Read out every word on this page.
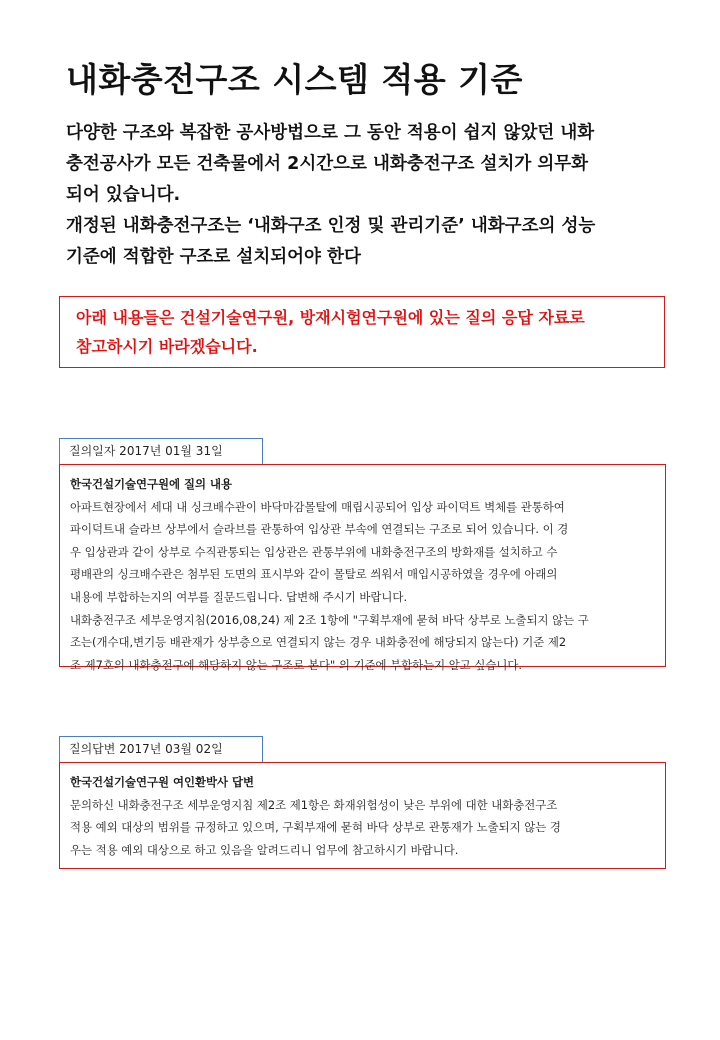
내화충전구조 시스템 적용 기준
다양한 구조와 복잡한 공사방법으로 그 동안 적용이 쉽지 않았던 내화
충전공사가 모든 건축물에서 2시간으로 내화충전구조 설치가 의무화
되어 있습니다.
개정된 내화충전구조는 ‘내화구조 인정 및 관리기준’ 내화구조의 성능
기준에 적합한 구조로 설치되어야 한다
아래 내용들은 건설기술연구원, 방재시험연구원에 있는 질의 응답 자료로
참고하시기 바라겠습니다.
질의일자 2017년 01월 31일
한국건설기술연구원에 질의 내용
아파트현장에서 세대 내 싱크배수관이 바닥마감몰탈에 매립시공되어 입상 파이덕트 벽체를 관통하여
파이덕트내 슬라브 상부에서 슬라브를 관통하여 입상관 부속에 연결되는 구조로 되어 있습니다. 이 경
우 입상관과 같이 상부로 수직관통되는 입상관은 관통부위에 내화충전구조의 방화재를 설치하고 수
평배관의 싱크배수관은 첨부된 도면의 표시부와 같이 몰탈로 씌워서 매입시공하였을 경우에 아래의
내용에 부합하는지의 여부를 질문드립니다. 답변해 주시기 바랍니다.
내화충전구조 세부운영지침(2016,08,24) 제 2조 1항에 "구획부재에 묻혀 바닥 상부로 노출되지 않는 구
조는(개수대,변기등 배관재가 상부층으로 연결되지 않는 경우 내화충전에 해당되지 않는다) 기준 제2
조 제7호의 내화충전구에 해당하지 않는 구조로 본다" 의 기준에 부합하는지 알고 싶습니다.
질의답변 2017년 03월 02일
한국건설기술연구원 여인환박사 답변
문의하신 내화충전구조 세부운영지침 제2조 제1항은 화재위험성이 낮은 부위에 대한 내화충전구조
적용 예외 대상의 범위를 규정하고 있으며, 구획부재에 묻혀 바닥 상부로 관통재가 노출되지 않는 경
우는 적용 예외 대상으로 하고 있음을 알려드리니 업무에 참고하시기 바랍니다.
